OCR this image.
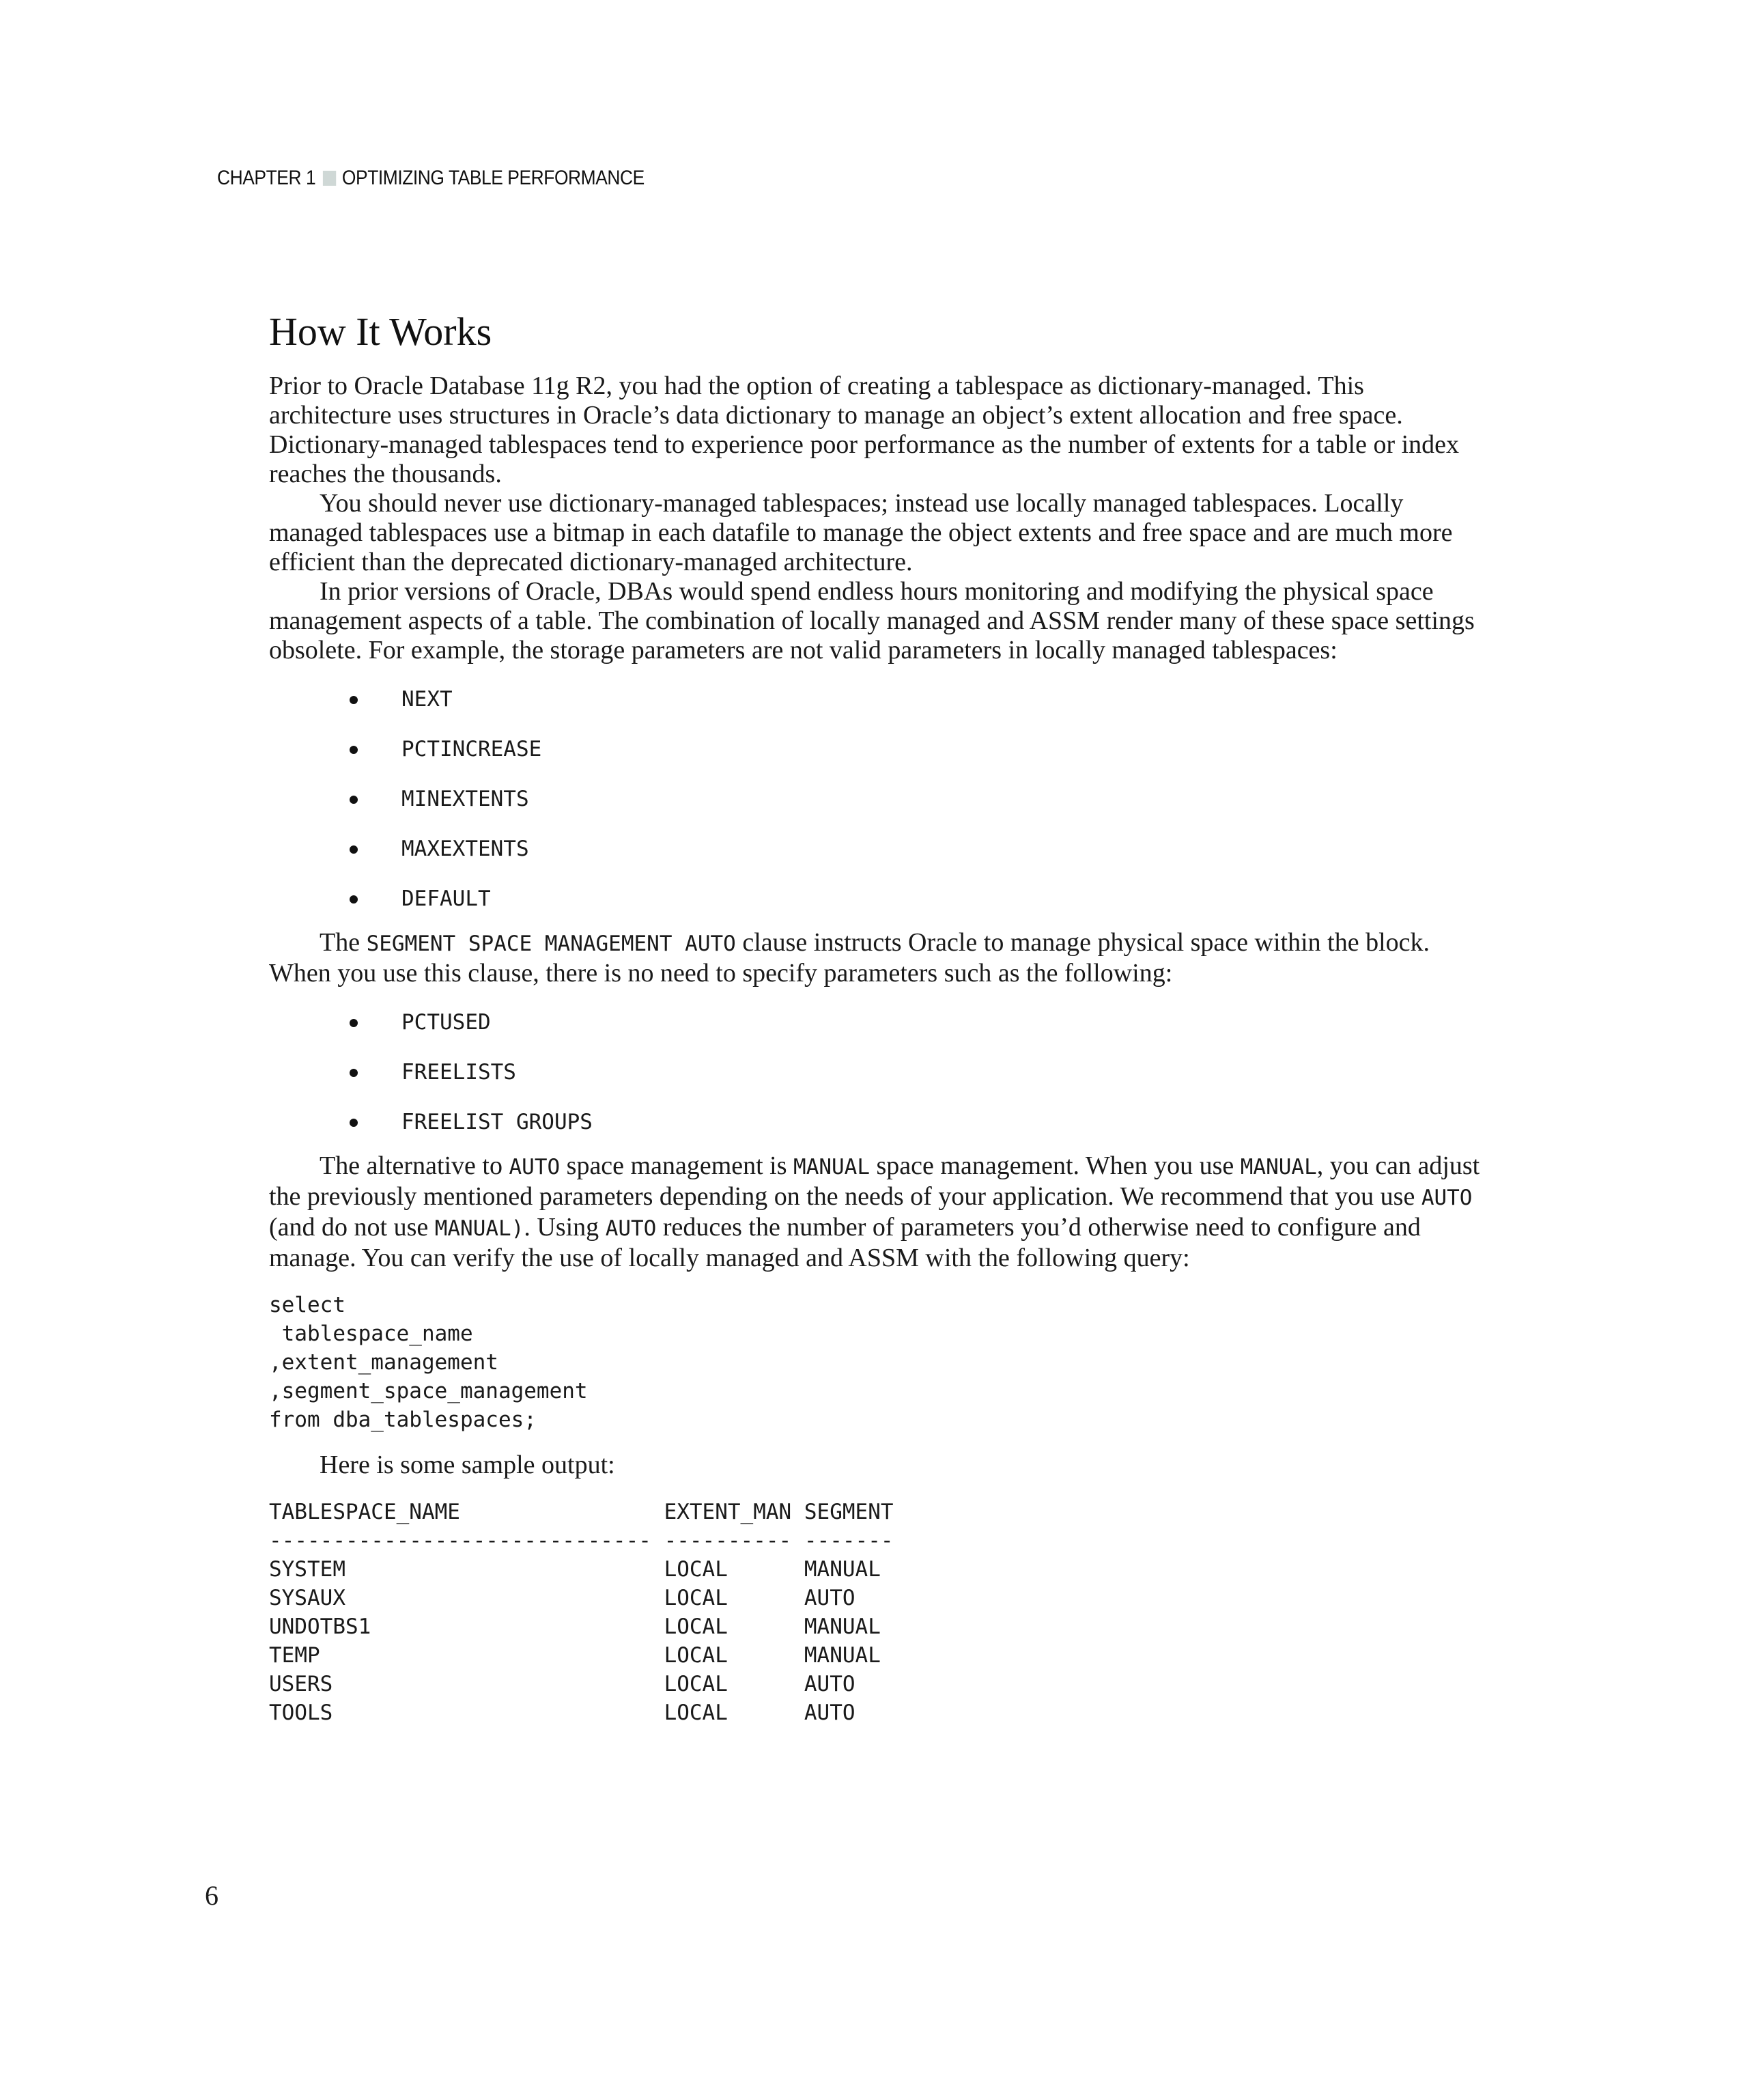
CHAPTER 1 OPTIMIZING TABLE PERFORMANCE
How It Works

Prior to Oracle Database 11g R2, you had the option of creating a tablespace as dictionary-managed. This architecture uses structures in Oracle’s data dictionary to manage an object’s extent allocation and free space. Dictionary-managed tablespaces tend to experience poor performance as the number of extents for a table or index reaches the thousands.

You should never use dictionary-managed tablespaces; instead use locally managed tablespaces. Locally managed tablespaces use a bitmap in each datafile to manage the object extents and free space and are much more efficient than the deprecated dictionary-managed architecture.

In prior versions of Oracle, DBAs would spend endless hours monitoring and modifying the physical space management aspects of a table. The combination of locally managed and ASSM render many of these space settings obsolete. For example, the storage parameters are not valid parameters in locally managed tablespaces:

NEXT
PCTINCREASE
MINEXTENTS
MAXEXTENTS
DEFAULT

The SEGMENT SPACE MANAGEMENT AUTO clause instructs Oracle to manage physical space within the block. When you use this clause, there is no need to specify parameters such as the following:

PCTUSED
FREELISTS
FREELIST GROUPS

The alternative to AUTO space management is MANUAL space management. When you use MANUAL, you can adjust the previously mentioned parameters depending on the needs of your application. We recommend that you use AUTO (and do not use MANUAL). Using AUTO reduces the number of parameters you’d otherwise need to configure and manage. You can verify the use of locally managed and ASSM with the following query:

select
tablespace_name
,extent_management
,segment_space_management
from dba_tablespaces;

Here is some sample output:

TABLESPACE_NAME                EXTENT_MAN SEGMENT
------------------------------ ---------- -------
SYSTEM                         LOCAL      MANUAL
SYSAUX                         LOCAL      AUTO
UNDOTBS1                       LOCAL      MANUAL
TEMP                           LOCAL      MANUAL
USERS                          LOCAL      AUTO
TOOLS                          LOCAL      AUTO
6
